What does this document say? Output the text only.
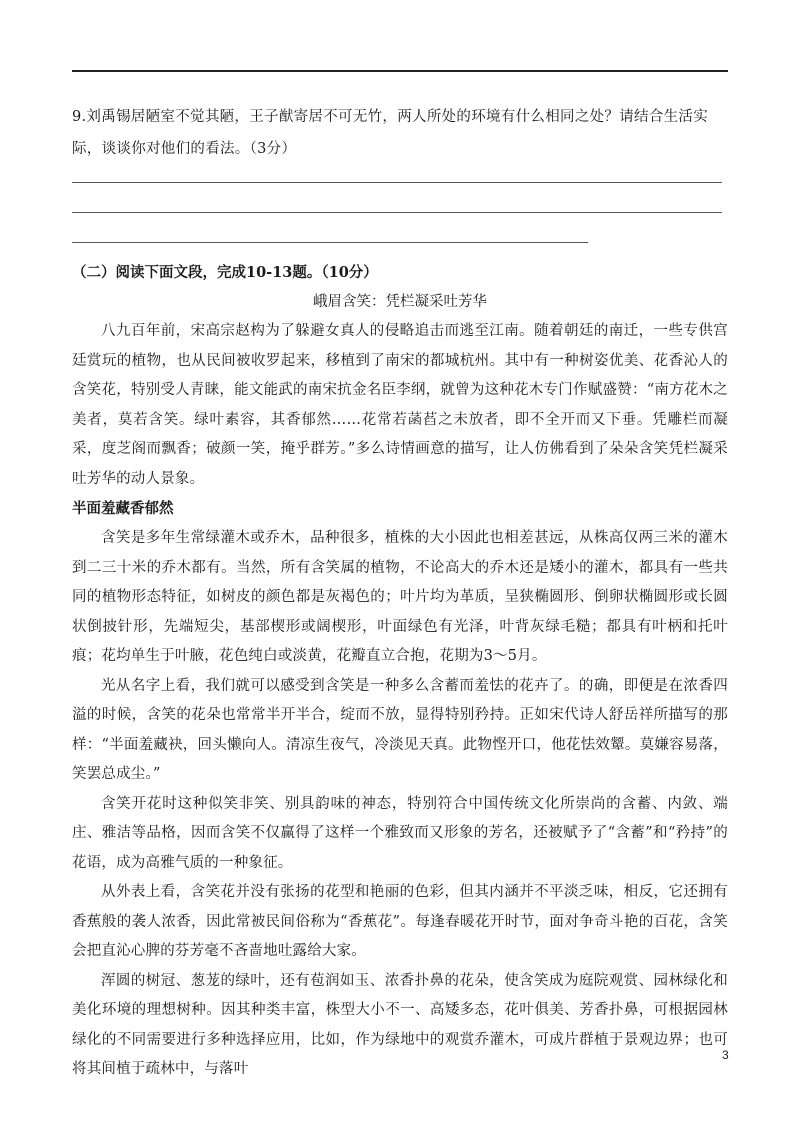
9.刘禹锡居陋室不觉其陋，王子猷寄居不可无竹，两人所处的环境有什么相同之处？请结合生活实际，谈谈你对他们的看法。（3分）

（二）阅读下面文段，完成10-13题。（10分）

峨眉含笑：凭栏凝采吐芳华

八九百年前，宋高宗赵构为了躲避女真人的侵略追击而逃至江南。随着朝廷的南迁，一些专供宫廷赏玩的植物，也从民间被收罗起来，移植到了南宋的都城杭州。其中有一种树姿优美、花香沁人的含笑花，特别受人青睐，能文能武的南宋抗金名臣李纲，就曾为这种花木专门作赋盛赞：“南方花木之美者，莫若含笑。绿叶素容，其香郁然……花常若菡萏之未放者，即不全开而又下垂。凭雕栏而凝采，度芝阁而飘香；破颜一笑，掩乎群芳。”多么诗情画意的描写，让人仿佛看到了朵朵含笑凭栏凝采吐芳华的动人景象。

半面羞藏香郁然

含笑是多年生常绿灌木或乔木，品种很多，植株的大小因此也相差甚远，从株高仅两三米的灌木到二三十米的乔木都有。当然，所有含笑属的植物，不论高大的乔木还是矮小的灌木，都具有一些共同的植物形态特征，如树皮的颜色都是灰褐色的；叶片均为革质，呈狭椭圆形、倒卵状椭圆形或长圆状倒披针形，先端短尖，基部楔形或阔楔形，叶面绿色有光泽，叶背灰绿毛糙；都具有叶柄和托叶痕；花均单生于叶腋，花色纯白或淡黄，花瓣直立合抱，花期为3～5月。

光从名字上看，我们就可以感受到含笑是一种多么含蓄而羞怯的花卉了。的确，即便是在浓香四溢的时候，含笑的花朵也常常半开半合，绽而不放，显得特别矜持。正如宋代诗人舒岳祥所描写的那样：“半面羞藏袂，回头懒向人。清凉生夜气，冷淡见天真。此物悭开口，他花怯效颦。莫嫌容易落，笑罢总成尘。”

含笑开花时这种似笑非笑、别具韵味的神态，特别符合中国传统文化所崇尚的含蓄、内敛、端庄、雅洁等品格，因而含笑不仅赢得了这样一个雅致而又形象的芳名，还被赋予了“含蓄”和“矜持”的花语，成为高雅气质的一种象征。

从外表上看，含笑花并没有张扬的花型和艳丽的色彩，但其内涵并不平淡乏味，相反，它还拥有香蕉般的袭人浓香，因此常被民间俗称为“香蕉花”。每逢春暖花开时节，面对争奇斗艳的百花，含笑会把直沁心脾的芬芳毫不吝啬地吐露给大家。

浑圆的树冠、葱茏的绿叶，还有苞润如玉、浓香扑鼻的花朵，使含笑成为庭院观赏、园林绿化和美化环境的理想树种。因其种类丰富，株型大小不一、高矮多态，花叶俱美、芳香扑鼻，可根据园林绿化的不同需要进行多种选择应用，比如，作为绿地中的观赏乔灌木，可成片群植于景观边界；也可将其间植于疏林中，与落叶

3
